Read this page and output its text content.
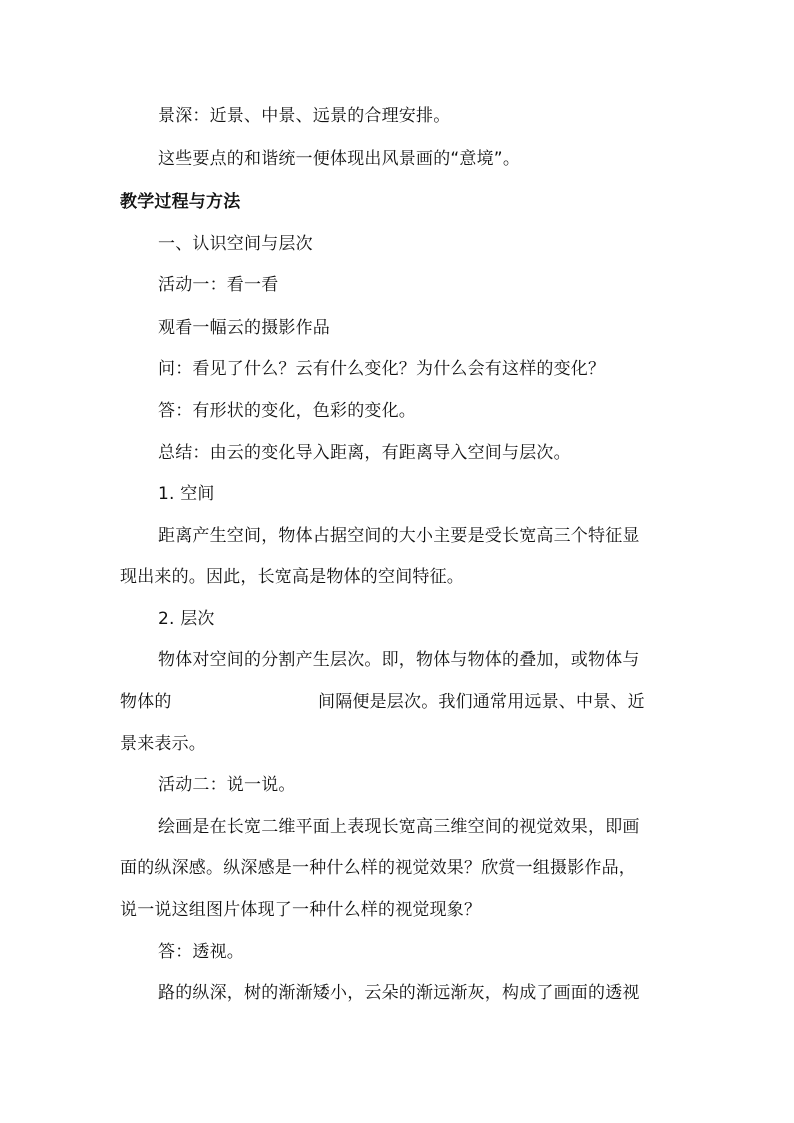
景深：近景、中景、远景的合理安排。
这些要点的和谐统一便体现出风景画的“意境”。
教学过程与方法
一、认识空间与层次
活动一：看一看
观看一幅云的摄影作品
问：看见了什么？云有什么变化？为什么会有这样的变化？
答：有形状的变化，色彩的变化。
总结：由云的变化导入距离，有距离导入空间与层次。
1. 空间
距离产生空间，物体占据空间的大小主要是受长宽高三个特征显
现出来的。因此，长宽高是物体的空间特征。
2. 层次
物体对空间的分割产生层次。即，物体与物体的叠加，或物体与
物体的	间隔便是层次。我们通常用远景、中景、近
景来表示。
活动二：说一说。
绘画是在长宽二维平面上表现长宽高三维空间的视觉效果，即画
面的纵深感。纵深感是一种什么样的视觉效果？欣赏一组摄影作品，
说一说这组图片体现了一种什么样的视觉现象？
答：透视。
路的纵深，树的渐渐矮小，云朵的渐远渐灰，构成了画面的透视
